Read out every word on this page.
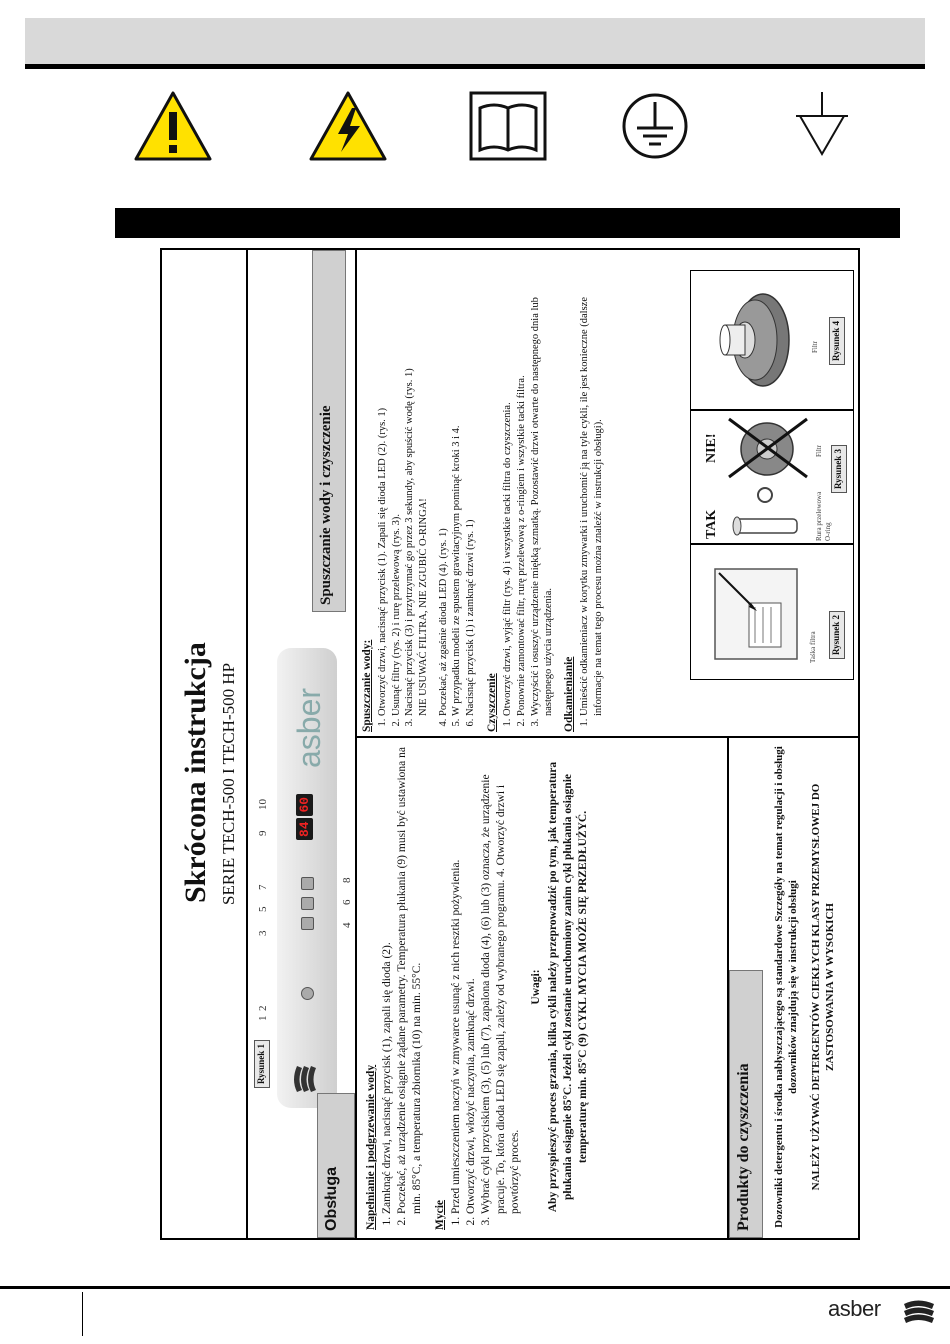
Skrócona instrukcja SERIE TECH-500 I TECH-500 HP
Rysunek 1
84 60
asber
1
2
3
5
7
9
10
4
6
8
Spuszczanie wody i czyszczenie
Obsługa	Napełnianie i podgrzewanie wody 1. Zamknąć drzwi, nacisnąć przycisk (1), zapali się dioda (2). 2. Poczekać, aż urządzenie osiągnie żądane parametry. Temperatura płukania (9) musi być ustawiona na min. 85°C, a temperatura zbiornika (10) na min. 55°C.

Mycie

1. Przed umieszczeniem naczyń w zmywarce usunąć z nich resztki pożywienia. 2. Otworzyć drzwi, włożyć naczynia, zamknąć drzwi. 3. Wybrać cykl przyciskiem (3), (5) lub (7), zapalona dioda (4), (6) lub (3) oznacza, że urządzenie pracuje. To, która dioda LED się zapali, zależy od wybranego programu. 4. Otworzyć drzwi i powtórzyć proces.
Uwagi: Aby przyspieszyć proces grzania, kilka cykli należy przeprowadzić po tym, jak temperatura płukania osiągnie 85°C. Jeżeli cykl zostanie uruchomiony zanim cykl płukania osiągnie temperaturę min. 85°C (9) CYKL MYCIA MOŻE SIĘ PRZEDŁUŻYĆ.	Produkty do czyszczenia	Dozowniki detergentu i środka nabłyszczającego są standardowe Szczegóły na temat regulacji i obsługi dozowników znajdują się w instrukcji obsługi NALEŻY UŻYWAĆ DETERGENTÓW CIEKŁYCH KLASY PRZEMYSŁOWEJ DO ZASTOSOWANIA W WYSOKICH

Spuszczanie wody: 1. Otworzyć drzwi, nacisnąć przycisk (1). Zapali się dioda LED (2). (rys. 1) 2. Usunąć filtry (rys. 2) i rurę przelewową (rys. 3). 3. Nacisnąć przycisk (3) i przytrzymać go przez 3 sekundy, aby spuścić wodę (rys. 1) NIE USUWAĆ FILTRA, NIE ZGUBIĆ O-RINGA! 4. Poczekać, aż zgaśnie dioda LED (4). (rys. 1) 5. W przypadku modeli ze spustem grawitacyjnym pominąć kroki 3 i 4. 6. Nacisnąć przycisk (1) i zamknąć drzwi (rys. 1) Czyszczenie 1. Otworzyć drzwi, wyjąć filtr (rys. 4) i wszystkie tacki filtra do czyszczenia. 2. Ponownie zamontować filtr, rurę przelewową z o-ringiem i wszystkie tacki filtra. 3. Wyczyścić i osuszyć urządzenie miękką szmatką. Pozostawić drzwi otwarte do następnego dnia lub następnego użycia urządzenia. Odkamienianie 1. Umieścić odkamieniacz w korytku zmywarki i uruchomić ją na tyle cykli, ile jest konieczne (dalsze informacje na temat tego procesu można znaleźć w instrukcji obsługi).	Taśka filtra Rysunek 2
TAK
NIE!
Rura przelewowa O-ring
Filtr Rysunek 3
Filtr Rysunek 4
asber
